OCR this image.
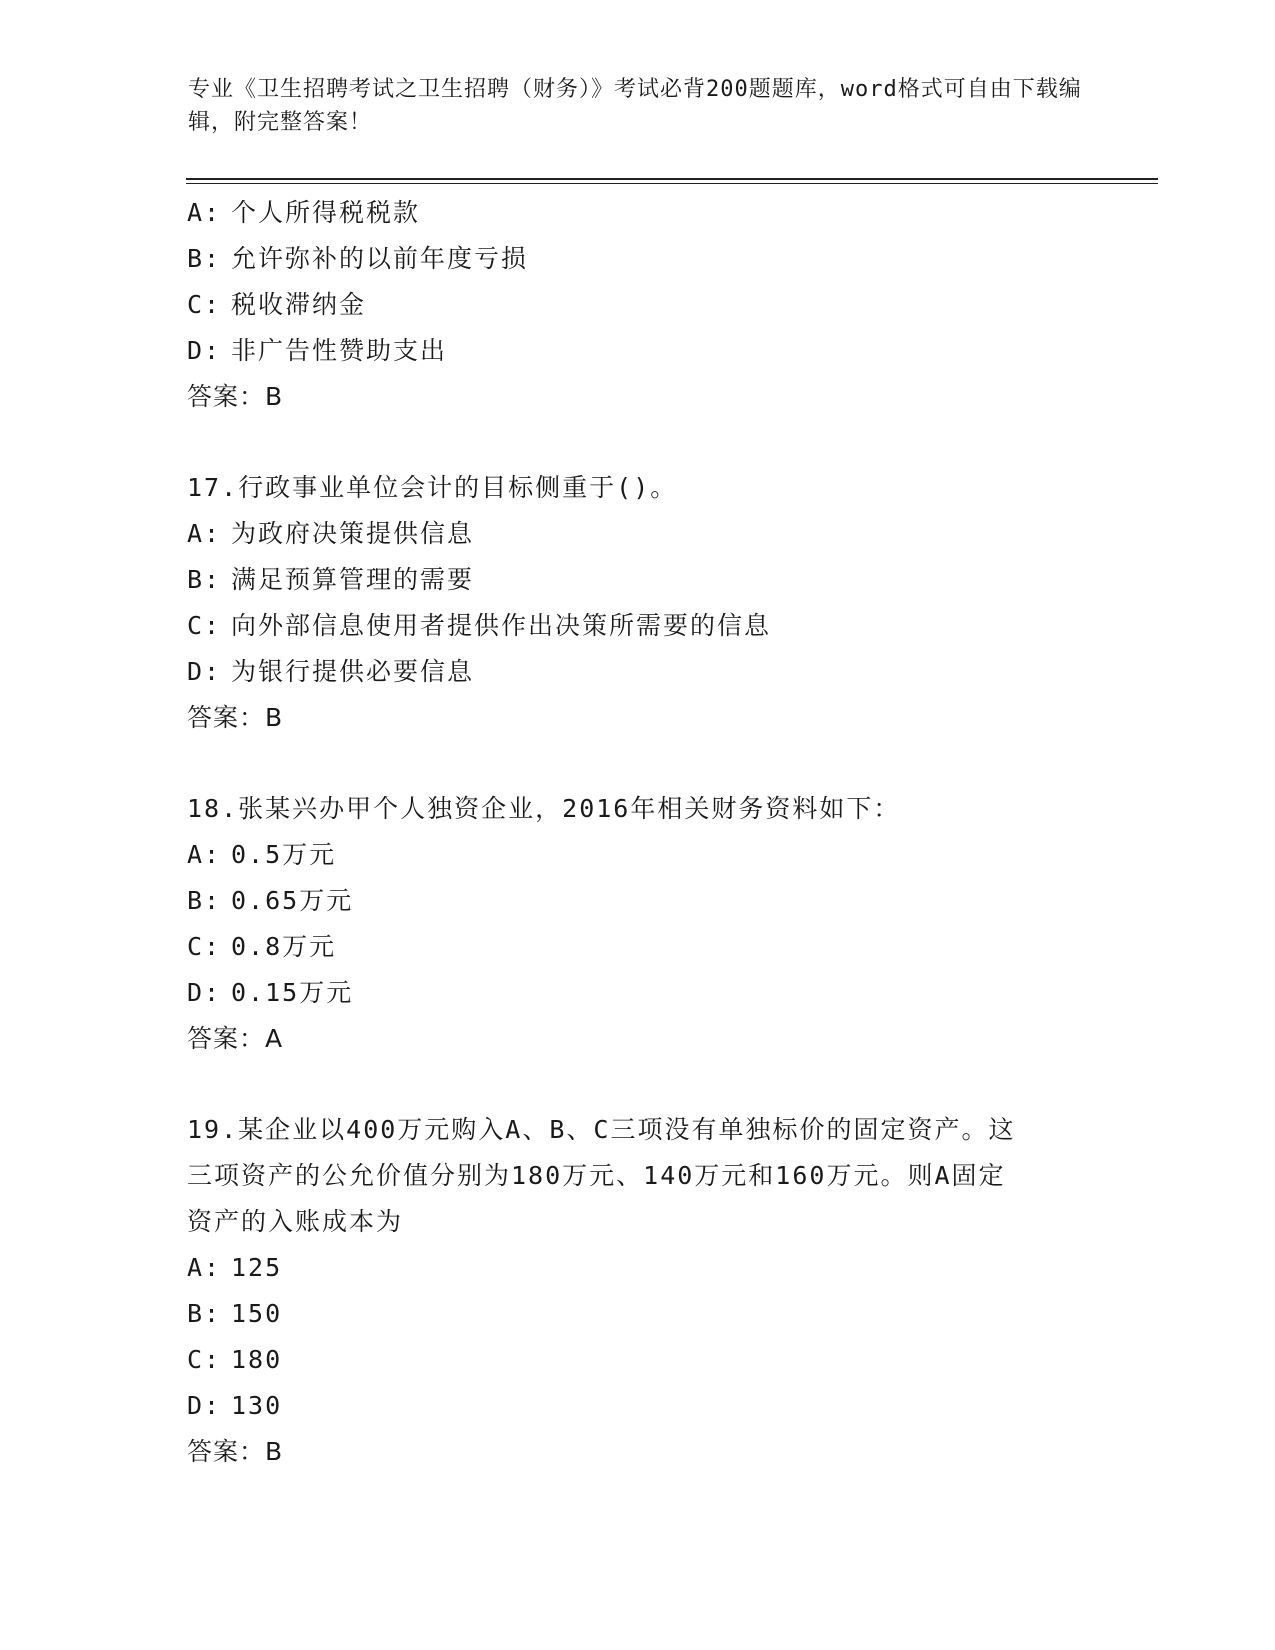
专业《卫生招聘考试之卫生招聘（财务）》考试必背200题题库，word格式可自由下载编辑，附完整答案！
A: 个人所得税税款
B: 允许弥补的以前年度亏损
C: 税收滞纳金
D: 非广告性赞助支出
答案：B
17.行政事业单位会计的目标侧重于()。
A: 为政府决策提供信息
B: 满足预算管理的需要
C: 向外部信息使用者提供作出决策所需要的信息
D: 为银行提供必要信息
答案：B
18.张某兴办甲个人独资企业，2016年相关财务资料如下：
A: 0.5万元
B: 0.65万元
C: 0.8万元
D: 0.15万元
答案：A
19.某企业以400万元购入A、B、C三项没有单独标价的固定资产。这
三项资产的公允价值分别为180万元、140万元和160万元。则A固定
资产的入账成本为
A: 125
B: 150
C: 180
D: 130
答案：B
